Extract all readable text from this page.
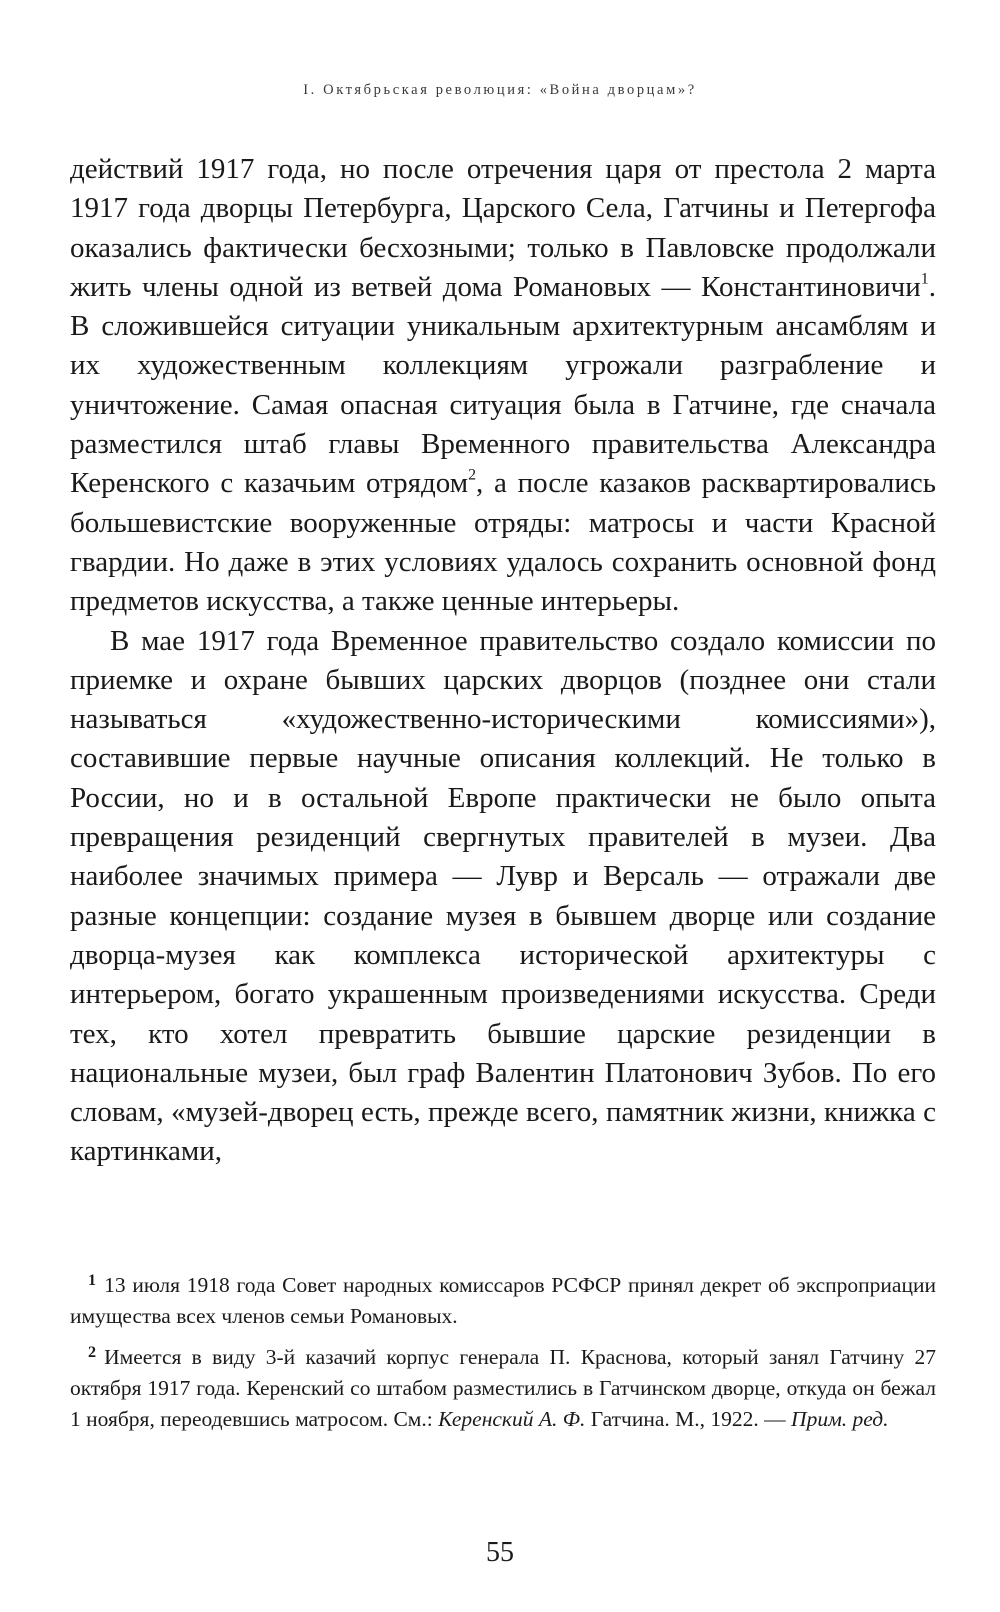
I. Октябрьская революция: «Война дворцам»?

действий 1917 года, но после отречения царя от престола 2 марта 1917 года дворцы Петербурга, Царского Села, Гатчины и Петергофа оказались фактически бесхозными; только в Павловске продолжали жить члены одной из ветвей дома Романовых — Константиновичи$^1$. В сложившейся ситуации уникальным архитектурным ансамблям и их художественным коллекциям угрожали разграбление и уничтожение. Самая опасная ситуация была в Гатчине, где сначала разместился штаб главы Временного правительства Александра Керенского с казачьим отрядом$^2$, а после казаков расквартировались большевистские вооруженные отряды: матросы и части Красной гвардии. Но даже в этих условиях удалось сохранить основной фонд предметов искусства, а также ценные интерьеры.

В мае 1917 года Временное правительство создало комиссии по приемке и охране бывших царских дворцов (позднее они стали называться «художественно-историческими комиссиями»), составившие первые научные описания коллекций. Не только в России, но и в остальной Европе практически не было опыта превращения резиденций свергнутых правителей в музеи. Два наиболее значимых примера — Лувр и Версаль — отражали две разные концепции: создание музея в бывшем дворце или создание дворца-музея как комплекса исторической архитектуры с интерьером, богато украшенным произведениями искусства. Среди тех, кто хотел превратить бывшие царские резиденции в национальные музеи, был граф Валентин Платонович Зубов. По его словам, «музей-дворец есть, прежде всего, памятник жизни, книжка с картинками,

$^1$ 13 июля 1918 года Совет народных комиссаров РСФСР принял декрет об экспроприации имущества всех членов семьи Романовых.

$^2$ Имеется в виду 3-й казачий корпус генерала П. Краснова, который занял Гатчину 27 октября 1917 года. Керенский со штабом разместились в Гатчинском дворце, откуда он бежал 1 ноября, переодевшись матросом. См.: Керенский А. Ф. Гатчина. М., 1922. — Прим. ред.

55
